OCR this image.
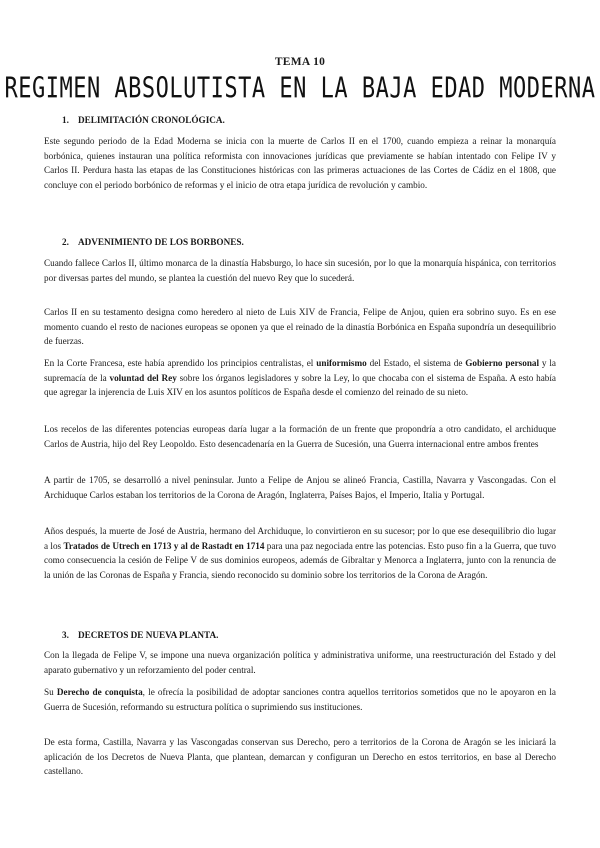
TEMA 10
REGIMEN ABSOLUTISTA EN LA BAJA EDAD MODERNA
1. DELIMITACIÓN CRONOLÓGICA.

Este segundo periodo de la Edad Moderna se inicia con la muerte de Carlos II en el 1700, cuando empieza a reinar la monarquía borbónica, quienes instauran una política reformista con innovaciones jurídicas que previamente se habían intentado con Felipe IV y Carlos II. Perdura hasta las etapas de las Constituciones históricas con las primeras actuaciones de las Cortes de Cádiz en el 1808, que concluye con el periodo borbónico de reformas y el inicio de otra etapa jurídica de revolución y cambio.

2. ADVENIMIENTO DE LOS BORBONES.

Cuando fallece Carlos II, último monarca de la dinastía Habsburgo, lo hace sin sucesión, por lo que la monarquía hispánica, con territorios por diversas partes del mundo, se plantea la cuestión del nuevo Rey que lo sucederá.

Carlos II en su testamento designa como heredero al nieto de Luis XIV de Francia, Felipe de Anjou, quien era sobrino suyo. Es en ese momento cuando el resto de naciones europeas se oponen ya que el reinado de la dinastía Borbónica en España supondría un desequilibrio de fuerzas.

En la Corte Francesa, este había aprendido los principios centralistas, el uniformismo del Estado, el sistema de Gobierno personal y la supremacía de la voluntad del Rey sobre los órganos legisladores y sobre la Ley, lo que chocaba con el sistema de España. A esto había que agregar la injerencia de Luis XIV en los asuntos políticos de España desde el comienzo del reinado de su nieto.

Los recelos de las diferentes potencias europeas daría lugar a la formación de un frente que propondría a otro candidato, el archiduque Carlos de Austria, hijo del Rey Leopoldo. Esto desencadenaría en la Guerra de Sucesión, una Guerra internacional entre ambos frentes

A partir de 1705, se desarrolló a nivel peninsular. Junto a Felipe de Anjou se alineó Francia, Castilla, Navarra y Vascongadas. Con el Archiduque Carlos estaban los territorios de la Corona de Aragón, Inglaterra, Países Bajos, el Imperio, Italia y Portugal.

Años después, la muerte de José de Austria, hermano del Archiduque, lo convirtieron en su sucesor; por lo que ese desequilibrio dio lugar a los Tratados de Utrech en 1713 y al de Rastadt en 1714 para una paz negociada entre las potencias. Esto puso fin a la Guerra, que tuvo como consecuencia la cesión de Felipe V de sus dominios europeos, además de Gibraltar y Menorca a Inglaterra, junto con la renuncia de la unión de las Coronas de España y Francia, siendo reconocido su dominio sobre los territorios de la Corona de Aragón.

3. DECRETOS DE NUEVA PLANTA.

Con la llegada de Felipe V, se impone una nueva organización política y administrativa uniforme, una reestructuración del Estado y del aparato gubernativo y un reforzamiento del poder central.

Su Derecho de conquista, le ofrecía la posibilidad de adoptar sanciones contra aquellos territorios sometidos que no le apoyaron en la Guerra de Sucesión, reformando su estructura política o suprimiendo sus instituciones.

De esta forma, Castilla, Navarra y las Vascongadas conservan sus Derecho, pero a territorios de la Corona de Aragón se les iniciará la aplicación de los Decretos de Nueva Planta, que plantean, demarcan y configuran un Derecho en estos territorios, en base al Derecho castellano.
